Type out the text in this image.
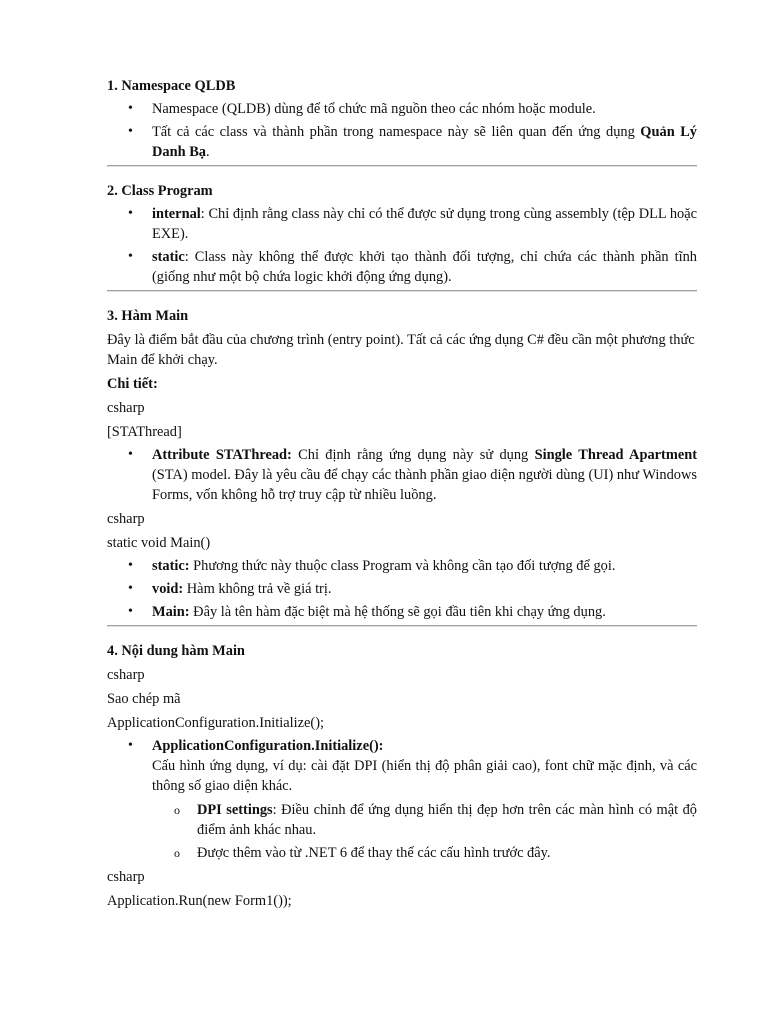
1. Namespace QLDB

• Namespace (QLDB) dùng để tổ chức mã nguồn theo các nhóm hoặc module.
• Tất cả các class và thành phần trong namespace này sẽ liên quan đến ứng dụng Quản Lý Danh Bạ.

2. Class Program

• internal: Chỉ định rằng class này chỉ có thể được sử dụng trong cùng assembly (tệp DLL hoặc EXE).
• static: Class này không thể được khởi tạo thành đối tượng, chỉ chứa các thành phần tĩnh (giống như một bộ chứa logic khởi động ứng dụng).

3. Hàm Main

Đây là điểm bắt đầu của chương trình (entry point). Tất cả các ứng dụng C# đều cần một phương thức Main để khởi chạy.

Chi tiết:

csharp

[STAThread]

• Attribute STAThread: Chỉ định rằng ứng dụng này sử dụng Single Thread Apartment (STA) model. Đây là yêu cầu để chạy các thành phần giao diện người dùng (UI) như Windows Forms, vốn không hỗ trợ truy cập từ nhiều luồng.

csharp

static void Main()

• static: Phương thức này thuộc class Program và không cần tạo đối tượng để gọi.
• void: Hàm không trả về giá trị.
• Main: Đây là tên hàm đặc biệt mà hệ thống sẽ gọi đầu tiên khi chạy ứng dụng.

4. Nội dung hàm Main

csharp

Sao chép mã

ApplicationConfiguration.Initialize();

• ApplicationConfiguration.Initialize():
Cấu hình ứng dụng, ví dụ: cài đặt DPI (hiển thị độ phân giải cao), font chữ mặc định, và các thông số giao diện khác.
o DPI settings: Điều chỉnh để ứng dụng hiển thị đẹp hơn trên các màn hình có mật độ điểm ảnh khác nhau.
o Được thêm vào từ .NET 6 để thay thế các cấu hình trước đây.

csharp

Application.Run(new Form1());
